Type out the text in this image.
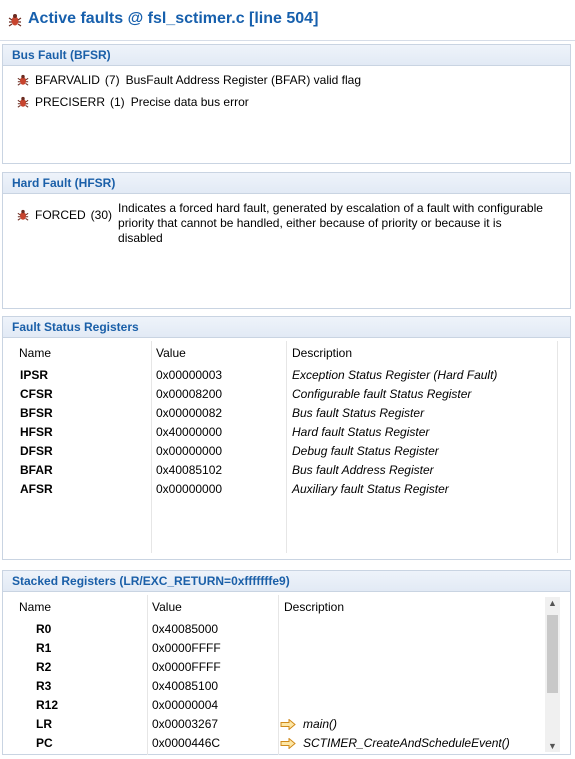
Active faults @ fsl_sctimer.c [line 504]
Bus Fault (BFSR)
BFARVALID (7) BusFault Address Register (BFAR) valid flag
PRECISERR (1) Precise data bus error
Hard Fault (HFSR)
FORCED (30) Indicates a forced hard fault, generated by escalation of a fault with configurable priority that cannot be handled, either because of priority or because it is disabled
Fault Status Registers
Name	Value	Description
IPSR	0x00000003	Exception Status Register (Hard Fault)
CFSR	0x00008200	Configurable fault Status Register
BFSR	0x00000082	Bus fault Status Register
HFSR	0x40000000	Hard fault Status Register
DFSR	0x00000000	Debug fault Status Register
BFAR	0x40085102	Bus fault Address Register
AFSR	0x00000000	Auxiliary fault Status Register
Stacked Registers (LR/EXC_RETURN=0xfffffffe9)
Name	Value	Description
R0	0x40085000
R1	0x0000FFFF
R2	0x0000FFFF
R3	0x40085100
R12	0x00000004
LR	0x00003267	main()
PC	0x0000446C	SCTIMER_CreateAndScheduleEvent()
▲
▼
